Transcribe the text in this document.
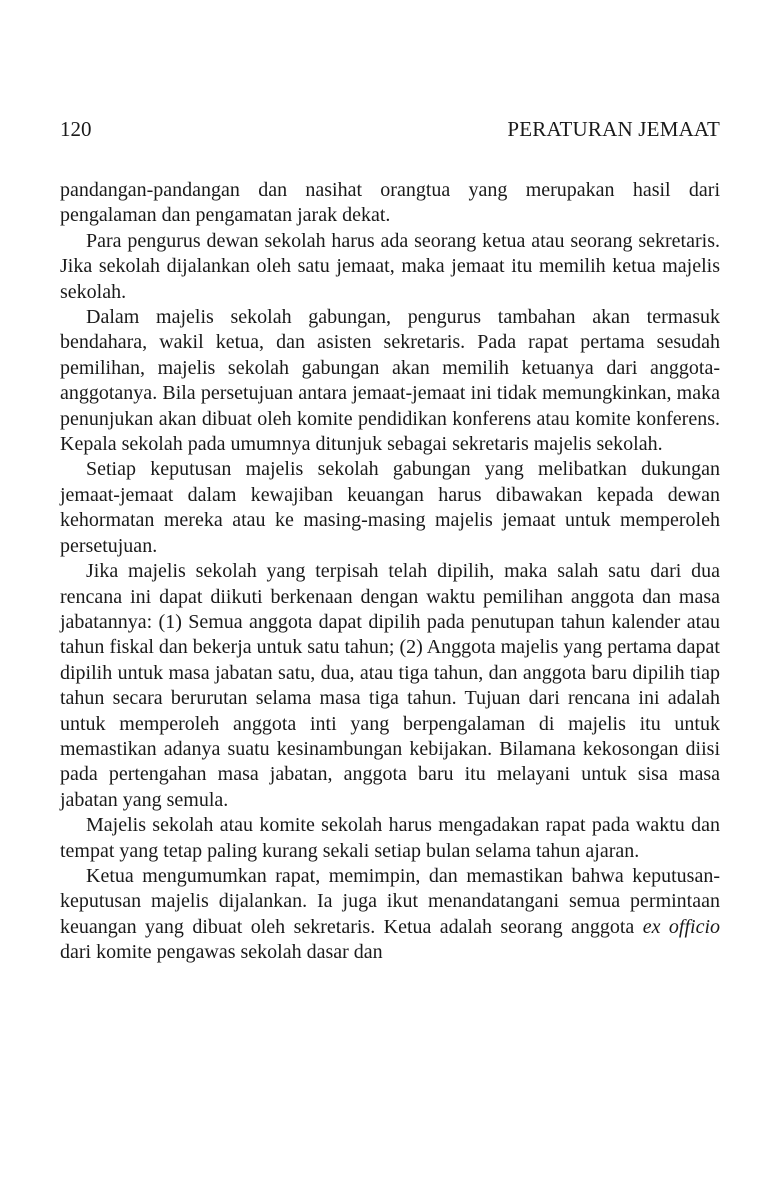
120	PERATURAN JEMAAT

pandangan-pandangan dan nasihat orangtua yang merupakan hasil dari pengalaman dan pengamatan jarak dekat.

Para pengurus dewan sekolah harus ada seorang ketua atau seorang sekretaris. Jika sekolah dijalankan oleh satu jemaat, maka jemaat itu memilih ketua majelis sekolah.

Dalam majelis sekolah gabungan, pengurus tambahan akan termasuk bendahara, wakil ketua, dan asisten sekretaris. Pada rapat pertama sesudah pemilihan, majelis sekolah gabungan akan memilih ketuanya dari anggota-anggotanya. Bila persetujuan antara jemaat-jemaat ini tidak memungkinkan, maka penunjukan akan dibuat oleh komite pendidikan konferens atau komite konferens. Kepala sekolah pada umumnya ditunjuk sebagai sekretaris majelis sekolah.

Setiap keputusan majelis sekolah gabungan yang melibatkan dukungan jemaat-jemaat dalam kewajiban keuangan harus dibawakan kepada dewan kehormatan mereka atau ke masing-masing majelis jemaat untuk memperoleh persetujuan.

Jika majelis sekolah yang terpisah telah dipilih, maka salah satu dari dua rencana ini dapat diikuti berkenaan dengan waktu pemilihan anggota dan masa jabatannya: (1) Semua anggota dapat dipilih pada penutupan tahun kalender atau tahun fiskal dan bekerja untuk satu tahun; (2) Anggota majelis yang pertama dapat dipilih untuk masa jabatan satu, dua, atau tiga tahun, dan anggota baru dipilih tiap tahun secara berurutan selama masa tiga tahun. Tujuan dari rencana ini adalah untuk memperoleh anggota inti yang berpengalaman di majelis itu untuk memastikan adanya suatu kesinambungan kebijakan. Bilamana kekosongan diisi pada pertengahan masa jabatan, anggota baru itu melayani untuk sisa masa jabatan yang semula.

Majelis sekolah atau komite sekolah harus mengadakan rapat pada waktu dan tempat yang tetap paling kurang sekali setiap bulan selama tahun ajaran.

Ketua mengumumkan rapat, memimpin, dan memastikan bahwa keputusan-keputusan majelis dijalankan. Ia juga ikut menandatangani semua permintaan keuangan yang dibuat oleh sekretaris. Ketua adalah seorang anggota ex officio dari komite pengawas sekolah dasar dan
